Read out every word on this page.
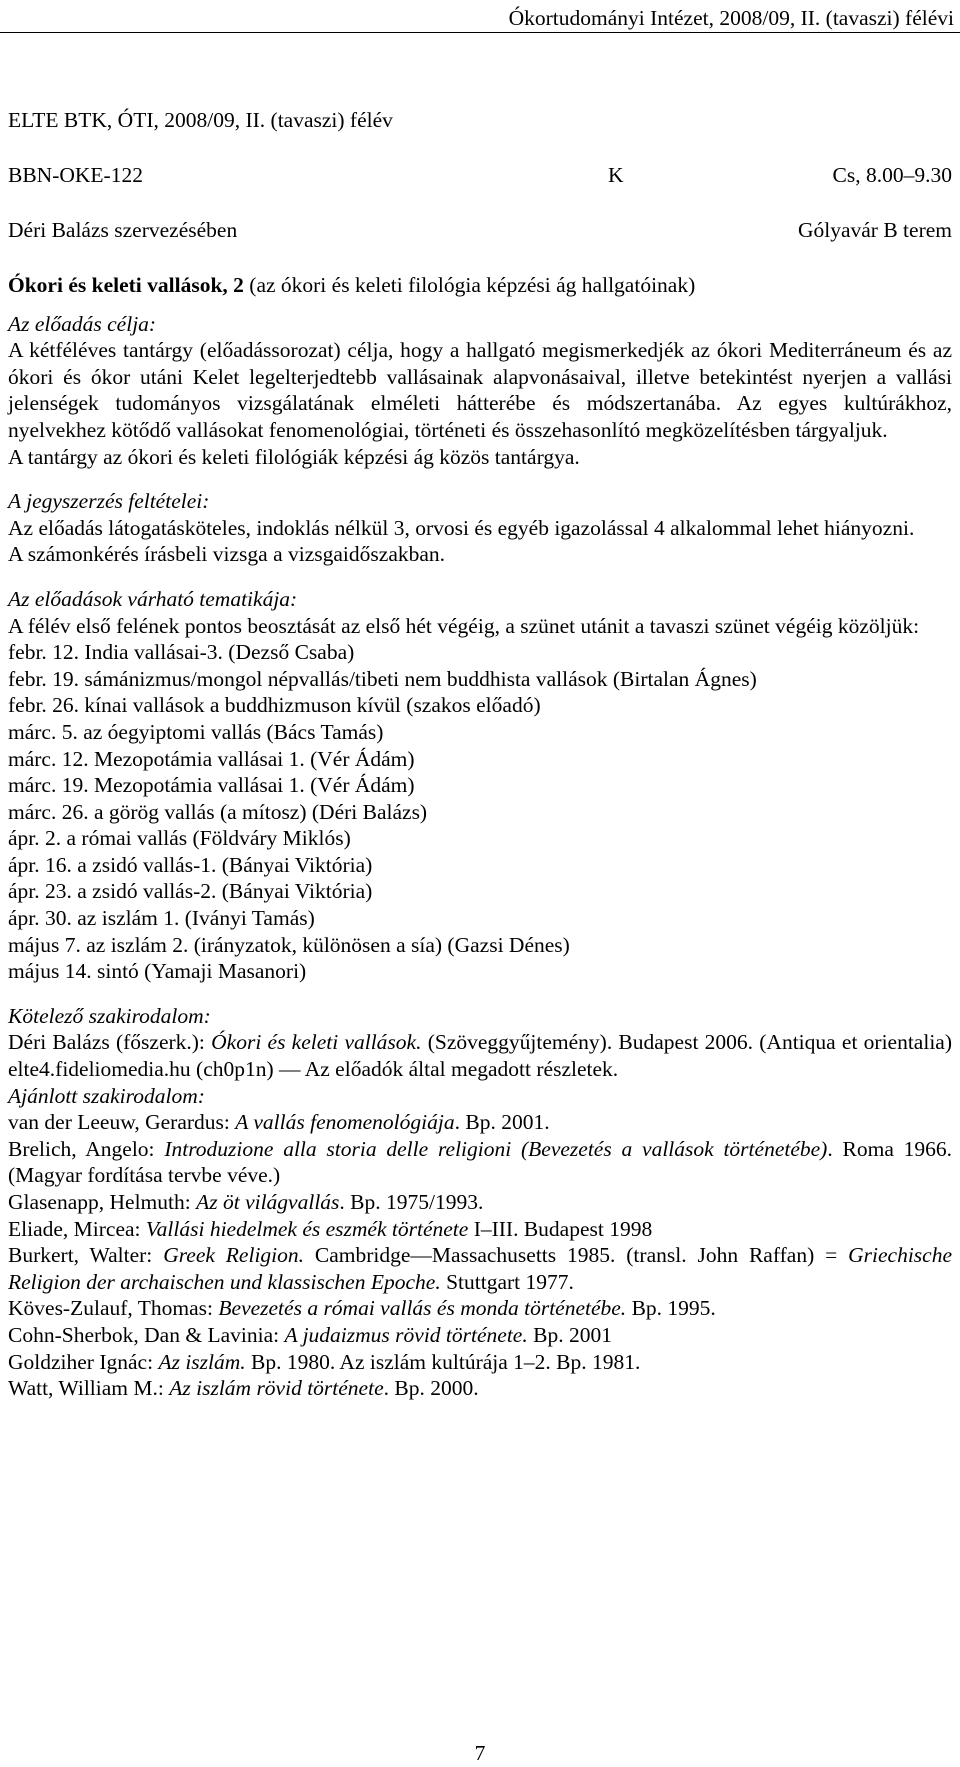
Ókortudományi Intézet, 2008/09, II. (tavaszi) félévi
ELTE BTK, ÓTI, 2008/09, II. (tavaszi) félév
BBN-OKE-122	K	Cs, 8.00–9.30
Déri Balázs szervezésében	Gólyavár B terem
Ókori és keleti vallások, 2 (az ókori és keleti filológia képzési ág hallgatóinak)
Az előadás célja:

A kétféléves tantárgy (előadássorozat) célja, hogy a hallgató megismerkedjék az ókori Mediterráneum és az ókori és ókor utáni Kelet legelterjedtebb vallásainak alapvonásaival, illetve betekintést nyerjen a vallási jelenségek tudományos vizsgálatának elméleti hátterébe és módszertanába. Az egyes kultúrákhoz, nyelvekhez kötődő vallásokat fenomenológiai, történeti és összehasonlító megközelítésben tárgyaljuk.

A tantárgy az ókori és keleti filológiák képzési ág közös tantárgya.

A jegyszerzés feltételei:

Az előadás látogatásköteles, indoklás nélkül 3, orvosi és egyéb igazolással 4 alkalommal lehet hiányozni.

A számonkérés írásbeli vizsga a vizsgaidőszakban.

Az előadások várható tematikája:

A félév első felének pontos beosztását az első hét végéig, a szünet utánit a tavaszi szünet végéig közöljük:

febr. 12. India vallásai-3. (Dezső Csaba)

febr. 19. sámánizmus/mongol népvallás/tibeti nem buddhista vallások (Birtalan Ágnes)

febr. 26. kínai vallások a buddhizmuson kívül (szakos előadó)

márc. 5. az óegyiptomi vallás (Bács Tamás)

márc. 12. Mezopotámia vallásai 1. (Vér Ádám)

márc. 19. Mezopotámia vallásai 1. (Vér Ádám)

márc. 26. a görög vallás (a mítosz) (Déri Balázs)

ápr. 2. a római vallás (Földváry Miklós)

ápr. 16. a zsidó vallás-1. (Bányai Viktória)

ápr. 23. a zsidó vallás-2. (Bányai Viktória)

ápr. 30. az iszlám 1. (Iványi Tamás)

május 7. az iszlám 2. (irányzatok, különösen a sía) (Gazsi Dénes)

május 14. sintó (Yamaji Masanori)

Kötelező szakirodalom:

Déri Balázs (főszerk.): Ókori és keleti vallások. (Szöveggyűjtemény). Budapest 2006. (Antiqua et orientalia) elte4.fideliomedia.hu (ch0p1n) — Az előadók által megadott részletek.

Ajánlott szakirodalom:

van der Leeuw, Gerardus: A vallás fenomenológiája. Bp. 2001.

Brelich, Angelo: Introduzione alla storia delle religioni (Bevezetés a vallások történetébe). Roma 1966. (Magyar fordítása tervbe véve.)

Glasenapp, Helmuth: Az öt világvallás. Bp. 1975/1993.

Eliade, Mircea: Vallási hiedelmek és eszmék története I–III. Budapest 1998

Burkert, Walter: Greek Religion. Cambridge—Massachusetts 1985. (transl. John Raffan) = Griechische Religion der archaischen und klassischen Epoche. Stuttgart 1977.

Köves-Zulauf, Thomas: Bevezetés a római vallás és monda történetébe. Bp. 1995.

Cohn-Sherbok, Dan & Lavinia: A judaizmus rövid története. Bp. 2001

Goldziher Ignác: Az iszlám. Bp. 1980. Az iszlám kultúrája 1–2. Bp. 1981.

Watt, William M.: Az iszlám rövid története. Bp. 2000.

7
